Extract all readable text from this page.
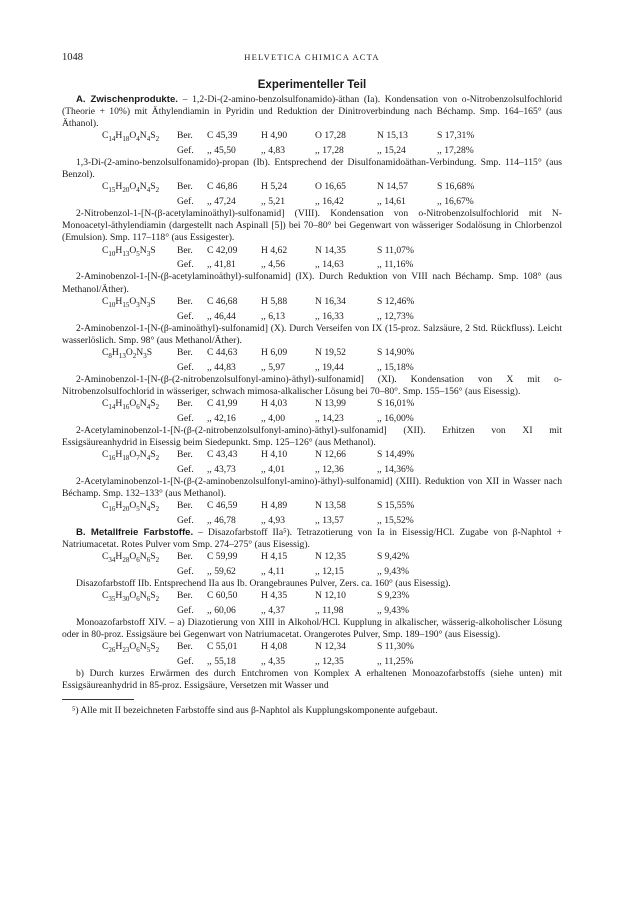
1048	HELVETICA CHIMICA ACTA
Experimenteller Teil

A. Zwischenprodukte. – 1,2-Di-(2-amino-benzolsulfonamido)-äthan (Ia). Kondensation von o-Nitrobenzolsulfochlorid (Theorie + 10%) mit Äthylendiamin in Pyridin und Reduktion der Dinitroverbindung nach Béchamp. Smp. 164–165° (aus Äthanol).

$C_{14}H_{18}O_4N_4S_2$	Ber.	C 45,39	H 4,90	O 17,28	N 15,13	S 17,31%
Gef.	,, 45,50	,, 4,83	,, 17,28	,, 15,24	,, 17,28%

1,3-Di-(2-amino-benzolsulfonamido)-propan (Ib). Entsprechend der Disulfonamidoäthan-Verbindung. Smp. 114–115° (aus Benzol).

$C_{15}H_{20}O_4N_4S_2$	Ber.	C 46,86	H 5,24	O 16,65	N 14,57	S 16,68%
Gef.	,, 47,24	,, 5,21	,, 16,42	,, 14,61	,, 16,67%

2-Nitrobenzol-1-[N-(β-acetylaminoäthyl)-sulfonamid] (VIII). Kondensation von o-Nitrobenzolsulfochlorid mit N-Monoacetyl-äthylendiamin (dargestellt nach Aspinall [5]) bei 70–80° bei Gegenwart von wässeriger Sodalösung in Chlorbenzol (Emulsion). Smp. 117–118° (aus Essigester).

$C_{10}H_{13}O_5N_3S$	Ber.	C 42,09	H 4,62	N 14,35	S 11,07%
Gef.	,, 41,81	,, 4,56	,, 14,63	,, 11,16%

2-Aminobenzol-1-[N-(β-acetylaminoäthyl)-sulfonamid] (IX). Durch Reduktion von VIII nach Béchamp. Smp. 108° (aus Methanol/Äther).

$C_{10}H_{15}O_3N_3S$	Ber.	C 46,68	H 5,88	N 16,34	S 12,46%
Gef.	,, 46,44	,, 6,13	,, 16,33	,, 12,73%

2-Aminobenzol-1-[N-(β-aminoäthyl)-sulfonamid] (X). Durch Verseifen von IX (15-proz. Salzsäure, 2 Std. Rückfluss). Leicht wasserlöslich. Smp. 98° (aus Methanol/Äther).

$C_8H_{13}O_2N_3S$	Ber.	C 44,63	H 6,09	N 19,52	S 14,90%
Gef.	,, 44,83	,, 5,97	,, 19,44	,, 15,18%

2-Aminobenzol-1-[N-(β-(2-nitrobenzolsulfonyl-amino)-äthyl)-sulfonamid] (XI). Kondensation von X mit o-Nitrobenzolsulfochlorid in wässeriger, schwach mimosa-alkalischer Lösung bei 70–80°. Smp. 155–156° (aus Eisessig).

$C_{14}H_{16}O_6N_4S_2$	Ber.	C 41,99	H 4,03	N 13,99	S 16,01%
Gef.	,, 42,16	,, 4,00	,, 14,23	,, 16,00%

2-Acetylaminobenzol-1-[N-(β-(2-nitrobenzolsulfonyl-amino)-äthyl)-sulfonamid] (XII). Erhitzen von XI mit Essigsäureanhydrid in Eisessig beim Siedepunkt. Smp. 125–126° (aus Methanol).

$C_{16}H_{18}O_7N_4S_2$	Ber.	C 43,43	H 4,10	N 12,66	S 14,49%
Gef.	,, 43,73	,, 4,01	,, 12,36	,, 14,36%

2-Acetylaminobenzol-1-[N-(β-(2-aminobenzolsulfonyl-amino)-äthyl)-sulfonamid] (XIII). Reduktion von XII in Wasser nach Béchamp. Smp. 132–133° (aus Methanol).

$C_{16}H_{20}O_5N_4S_2$	Ber.	C 46,59	H 4,89	N 13,58	S 15,55%
Gef.	,, 46,78	,, 4,93	,, 13,57	,, 15,52%

B. Metallfreie Farbstoffe. – Disazofarbstoff IIa⁵). Tetrazotierung von Ia in Eisessig/HCl. Zugabe von β-Naphtol + Natriumacetat. Rotes Pulver vom Smp. 274–275° (aus Eisessig).

$C_{34}H_{28}O_6N_6S_2$	Ber.	C 59,99	H 4,15	N 12,35	S 9,42%
Gef.	,, 59,62	,, 4,11	,, 12,15	,, 9,43%

Disazofarbstoff IIb. Entsprechend IIa aus Ib. Orangebraunes Pulver, Zers. ca. 160° (aus Eisessig).

$C_{35}H_{30}O_6N_6S_2$	Ber.	C 60,50	H 4,35	N 12,10	S 9,23%
Gef.	,, 60,06	,, 4,37	,, 11,98	,, 9,43%

Monoazofarbstoff XIV. – a) Diazotierung von XIII in Alkohol/HCl. Kupplung in alkalischer, wässerig-alkoholischer Lösung oder in 80-proz. Essigsäure bei Gegenwart von Natriumacetat. Orangerotes Pulver, Smp. 189–190° (aus Eisessig).

$C_{26}H_{23}O_6N_5S_2$	Ber.	C 55,01	H 4,08	N 12,34	S 11,30%
Gef.	,, 55,18	,, 4,35	,, 12,35	,, 11,25%

b) Durch kurzes Erwärmen des durch Entchromen von Komplex A erhaltenen Monoazofarbstoffs (siehe unten) mit Essigsäureanhydrid in 85-proz. Essigsäure, Versetzen mit Wasser und

⁵) Alle mit II bezeichneten Farbstoffe sind aus β-Naphtol als Kupplungskomponente aufgebaut.
